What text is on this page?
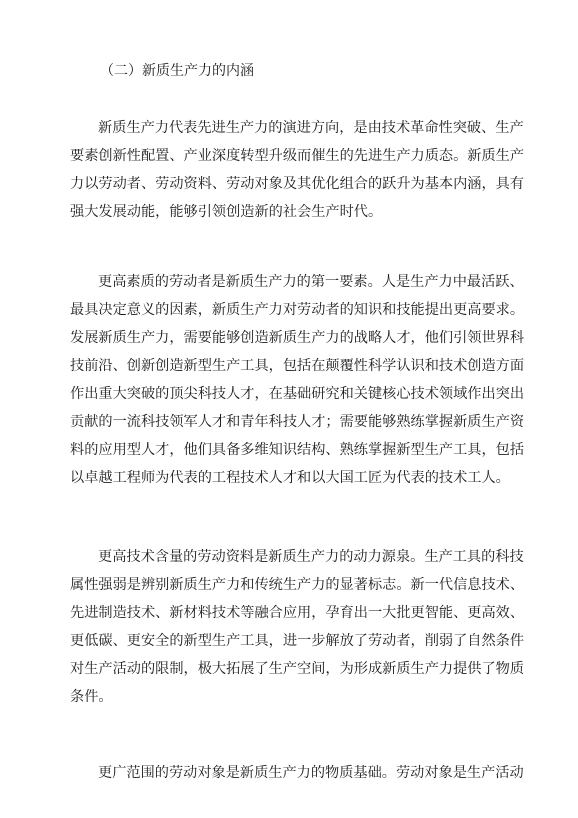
（二）新质生产力的内涵
新质生产力代表先进生产力的演进方向，是由技术革命性突破、生产
要素创新性配置、产业深度转型升级而催生的先进生产力质态。新质生产
力以劳动者、劳动资料、劳动对象及其优化组合的跃升为基本内涵，具有
强大发展动能，能够引领创造新的社会生产时代。
更高素质的劳动者是新质生产力的第一要素。人是生产力中最活跃、
最具决定意义的因素，新质生产力对劳动者的知识和技能提出更高要求。
发展新质生产力，需要能够创造新质生产力的战略人才，他们引领世界科
技前沿、创新创造新型生产工具，包括在颠覆性科学认识和技术创造方面
作出重大突破的顶尖科技人才，在基础研究和关键核心技术领域作出突出
贡献的一流科技领军人才和青年科技人才；需要能够熟练掌握新质生产资
料的应用型人才，他们具备多维知识结构、熟练掌握新型生产工具，包括
以卓越工程师为代表的工程技术人才和以大国工匠为代表的技术工人。
更高技术含量的劳动资料是新质生产力的动力源泉。生产工具的科技
属性强弱是辨别新质生产力和传统生产力的显著标志。新一代信息技术、
先进制造技术、新材料技术等融合应用，孕育出一大批更智能、更高效、
更低碳、更安全的新型生产工具，进一步解放了劳动者，削弱了自然条件
对生产活动的限制，极大拓展了生产空间，为形成新质生产力提供了物质
条件。
更广范围的劳动对象是新质生产力的物质基础。劳动对象是生产活动
